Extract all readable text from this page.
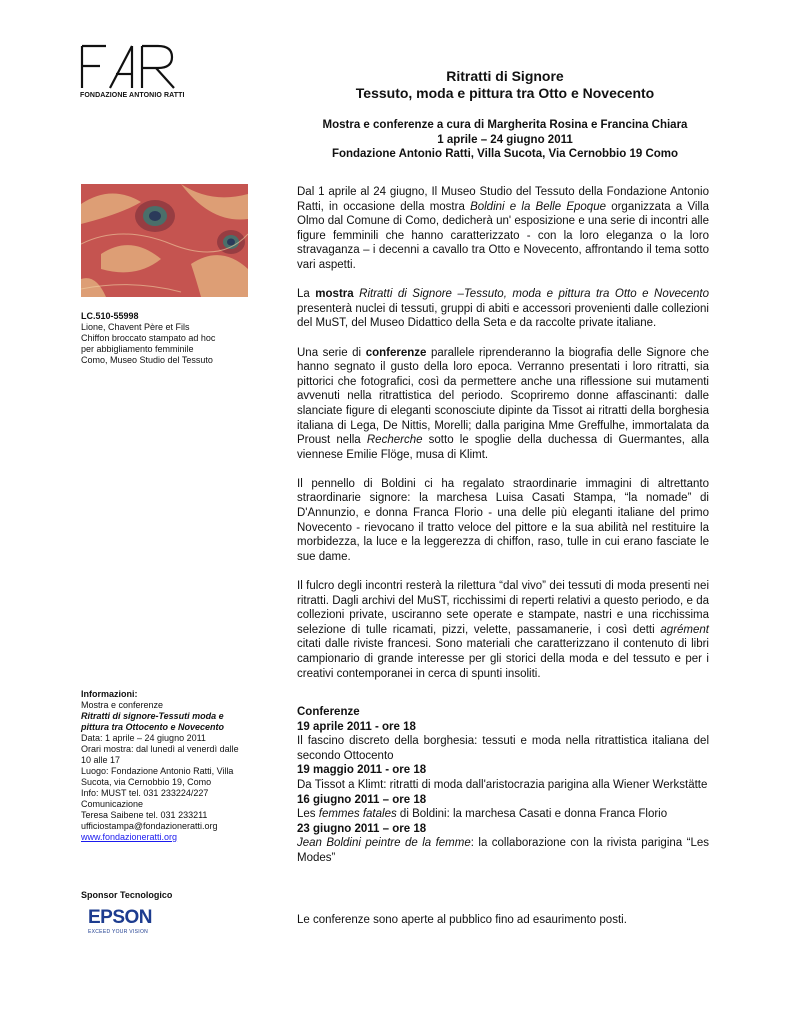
FONDAZIONE ANTONIO RATTI
Ritratti di Signore
Tessuto, moda e pittura tra Otto e Novecento
Mostra e conferenze a cura di Margherita Rosina e Francina Chiara
1 aprile – 24 giugno 2011
Fondazione Antonio Ratti, Villa Sucota, Via Cernobbio 19 Como
LC.510-55998
Lione, Chavent Père et Fils
Chiffon broccato stampato ad hoc
per abbigliamento femminile
Como, Museo Studio del Tessuto

Dal 1 aprile al 24 giugno, Il Museo Studio del Tessuto della Fondazione Antonio Ratti, in occasione della mostra Boldini e la Belle Epoque organizzata a Villa Olmo dal Comune di Como, dedicherà un' esposizione e una serie di incontri alle figure femminili che hanno caratterizzato - con la loro eleganza o la loro stravaganza – i decenni a cavallo tra Otto e Novecento, affrontando il tema sotto vari aspetti.

La mostra Ritratti di Signore –Tessuto, moda e pittura tra Otto e Novecento presenterà nuclei di tessuti, gruppi di abiti e accessori provenienti dalle collezioni del MuST, del Museo Didattico della Seta e da raccolte private italiane.

Una serie di conferenze parallele riprenderanno la biografia delle Signore che hanno segnato il gusto della loro epoca. Verranno presentati i loro ritratti, sia pittorici che fotografici, così da permettere anche una riflessione sui mutamenti avvenuti nella ritrattistica del periodo. Scopriremo donne affascinanti: dalle slanciate figure di eleganti sconosciute dipinte da Tissot ai ritratti della borghesia italiana di Lega, De Nittis, Morelli; dalla parigina Mme Greffulhe, immortalata da Proust nella Recherche sotto le spoglie della duchessa di Guermantes, alla viennese Emilie Flöge, musa di Klimt.

Il pennello di Boldini ci ha regalato straordinarie immagini di altrettanto straordinarie signore: la marchesa Luisa Casati Stampa, “la nomade” di D'Annunzio, e donna Franca Florio - una delle più eleganti italiane del primo Novecento - rievocano il tratto veloce del pittore e la sua abilità nel restituire la morbidezza, la luce e la leggerezza di chiffon, raso, tulle in cui erano fasciate le sue dame.

Il fulcro degli incontri resterà la rilettura “dal vivo” dei tessuti di moda presenti nei ritratti. Dagli archivi del MuST, ricchissimi di reperti relativi a questo periodo, e da collezioni private, usciranno sete operate e stampate, nastri e una ricchissima selezione di tulle ricamati, pizzi, velette, passamanerie, i così detti agrément citati dalle riviste francesi. Sono materiali che caratterizzano il contenuto di libri campionario di grande interesse per gli storici della moda e del tessuto e per i creativi contemporanei in cerca di spunti insoliti.

Conferenze
19 aprile 2011 - ore 18
Il fascino discreto della borghesia: tessuti e moda nella ritrattistica italiana del secondo Ottocento
19 maggio 2011 - ore 18
Da Tissot a Klimt: ritratti di moda dall'aristocrazia parigina alla Wiener Werkstätte
16 giugno 2011 – ore 18
Les femmes fatales di Boldini: la marchesa Casati e donna Franca Florio
23 giugno 2011 – ore 18
Jean Boldini peintre de la femme: la collaborazione con la rivista parigina “Les Modes”
Le conferenze sono aperte al pubblico fino ad esaurimento posti.
Informazioni:
Mostra e conferenze
Ritratti di signore-Tessuti moda e pittura tra Ottocento e Novecento
Data: 1 aprile – 24 giugno 2011
Orari mostra: dal lunedì al venerdì dalle 10 alle 17
Luogo: Fondazione Antonio Ratti, Villa Sucota, via Cernobbio 19, Como
Info: MUST tel. 031 233224/227
Comunicazione
Teresa Saibene tel. 031 233211
ufficiostampa@fondazioneratti.org
www.fondazioneratti.org
Sponsor Tecnologico
EPSON
EXCEED YOUR VISION
